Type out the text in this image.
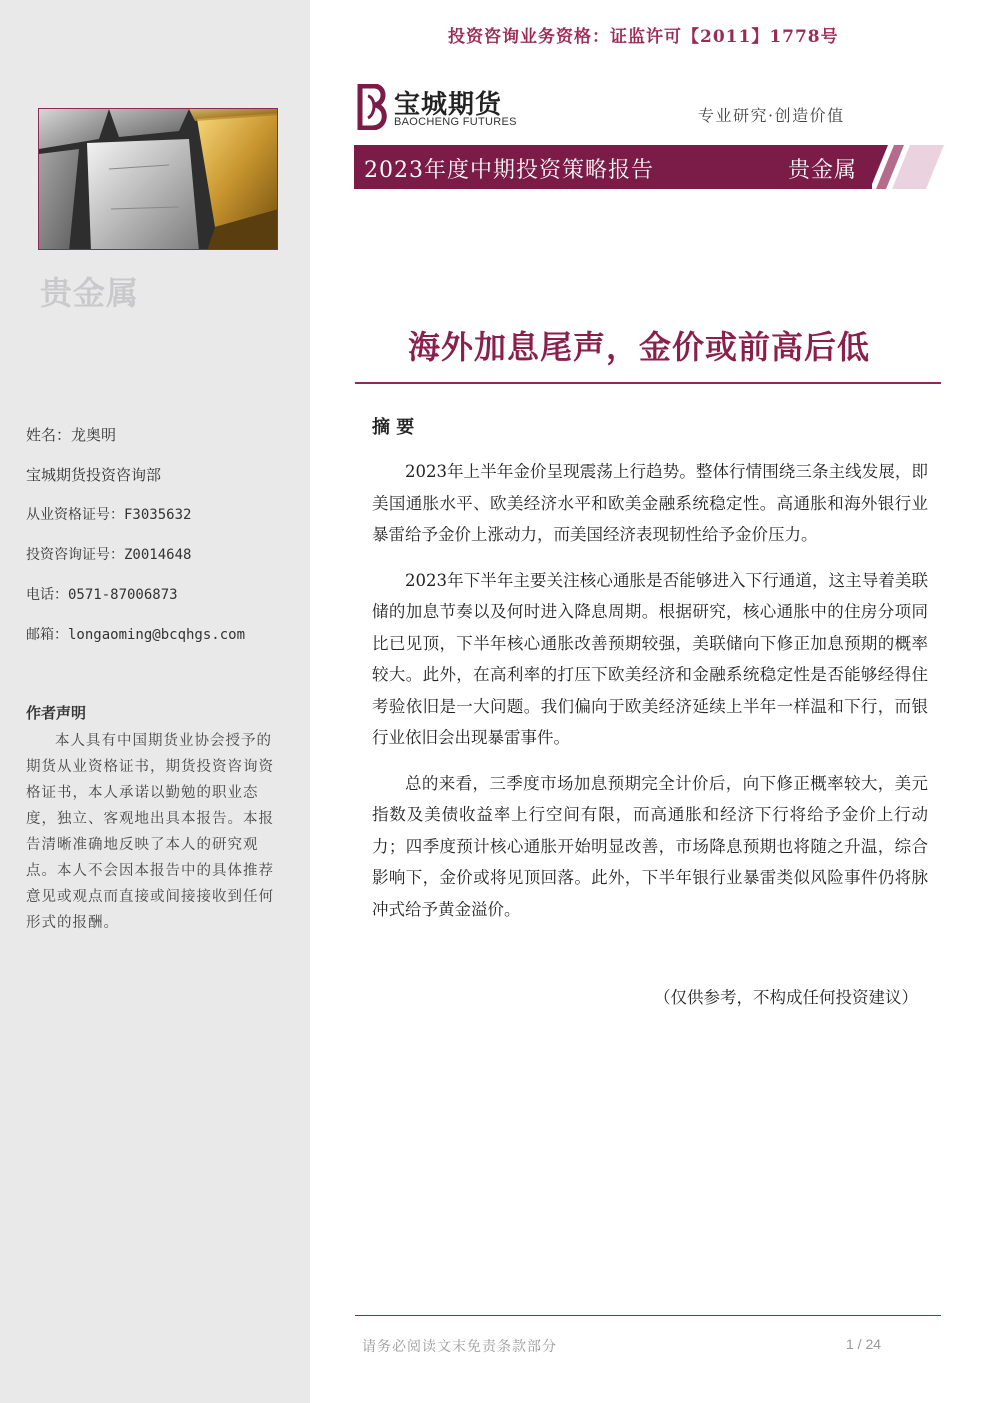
贵金属
姓名：龙奥明
宝城期货投资咨询部
从业资格证号：F3035632
投资咨询证号：Z0014648
电话：0571-87006873
邮箱：longaoming@bcqhgs.com
作者声明
本人具有中国期货业协会授予的期货从业资格证书，期货投资咨询资格证书，本人承诺以勤勉的职业态度，独立、客观地出具本报告。本报告清晰准确地反映了本人的研究观点。本人不会因本报告中的具体推荐意见或观点而直接或间接接收到任何形式的报酬。
投资咨询业务资格：证监许可【2011】1778号
宝城期货
BAOCHENG FUTURES	专业研究·创造价值
2023年度中期投资策略报告	贵金属
海外加息尾声，金价或前高后低
摘 要

2023年上半年金价呈现震荡上行趋势。整体行情围绕三条主线发展，即美国通胀水平、欧美经济水平和欧美金融系统稳定性。高通胀和海外银行业暴雷给予金价上涨动力，而美国经济表现韧性给予金价压力。

2023年下半年主要关注核心通胀是否能够进入下行通道，这主导着美联储的加息节奏以及何时进入降息周期。根据研究，核心通胀中的住房分项同比已见顶，下半年核心通胀改善预期较强，美联储向下修正加息预期的概率较大。此外，在高利率的打压下欧美经济和金融系统稳定性是否能够经得住考验依旧是一大问题。我们偏向于欧美经济延续上半年一样温和下行，而银行业依旧会出现暴雷事件。

总的来看，三季度市场加息预期完全计价后，向下修正概率较大，美元指数及美债收益率上行空间有限，而高通胀和经济下行将给予金价上行动力；四季度预计核心通胀开始明显改善，市场降息预期也将随之升温，综合影响下，金价或将见顶回落。此外，下半年银行业暴雷类似风险事件仍将脉冲式给予黄金溢价。

（仅供参考，不构成任何投资建议）
请务必阅读文末免责条款部分	1 / 24
